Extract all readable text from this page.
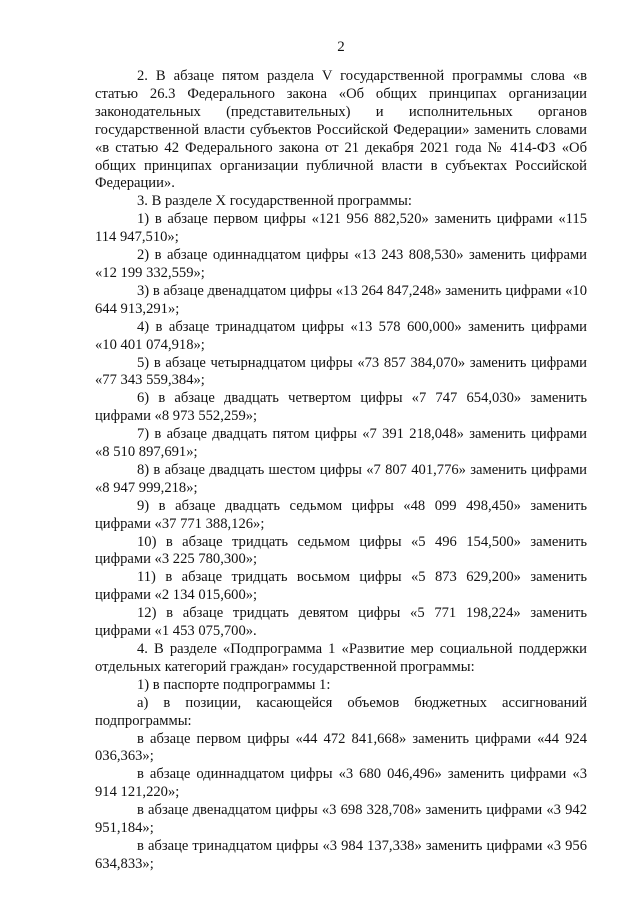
2

2. В абзаце пятом раздела V государственной программы слова «в статью 26.3 Федерального закона «Об общих принципах организации законодательных (представительных) и исполнительных органов государственной власти субъектов Российской Федерации» заменить словами «в статью 42 Федерального закона от 21 декабря 2021 года № 414-ФЗ «Об общих принципах организации публичной власти в субъектах Российской Федерации».

3. В разделе X государственной программы:

1) в абзаце первом цифры «121 956 882,520» заменить цифрами «115 114 947,510»;

2) в абзаце одиннадцатом цифры «13 243 808,530» заменить цифрами «12 199 332,559»;

3) в абзаце двенадцатом цифры «13 264 847,248» заменить цифрами «10 644 913,291»;

4) в абзаце тринадцатом цифры «13 578 600,000» заменить цифрами «10 401 074,918»;

5) в абзаце четырнадцатом цифры «73 857 384,070» заменить цифрами «77 343 559,384»;

6) в абзаце двадцать четвертом цифры «7 747 654,030» заменить цифрами «8 973 552,259»;

7) в абзаце двадцать пятом цифры «7 391 218,048» заменить цифрами «8 510 897,691»;

8) в абзаце двадцать шестом цифры «7 807 401,776» заменить цифрами «8 947 999,218»;

9) в абзаце двадцать седьмом цифры «48 099 498,450» заменить цифрами «37 771 388,126»;

10) в абзаце тридцать седьмом цифры «5 496 154,500» заменить цифрами «3 225 780,300»;

11) в абзаце тридцать восьмом цифры «5 873 629,200» заменить цифрами «2 134 015,600»;

12) в абзаце тридцать девятом цифры «5 771 198,224» заменить цифрами «1 453 075,700».

4. В разделе «Подпрограмма 1 «Развитие мер социальной поддержки отдельных категорий граждан» государственной программы:

1) в паспорте подпрограммы 1:

а) в позиции, касающейся объемов бюджетных ассигнований подпрограммы:

в абзаце первом цифры «44 472 841,668» заменить цифрами «44 924 036,363»;

в абзаце одиннадцатом цифры «3 680 046,496» заменить цифрами «3 914 121,220»;

в абзаце двенадцатом цифры «3 698 328,708» заменить цифрами «3 942 951,184»;

в абзаце тринадцатом цифры «3 984 137,338» заменить цифрами «3 956 634,833»;
